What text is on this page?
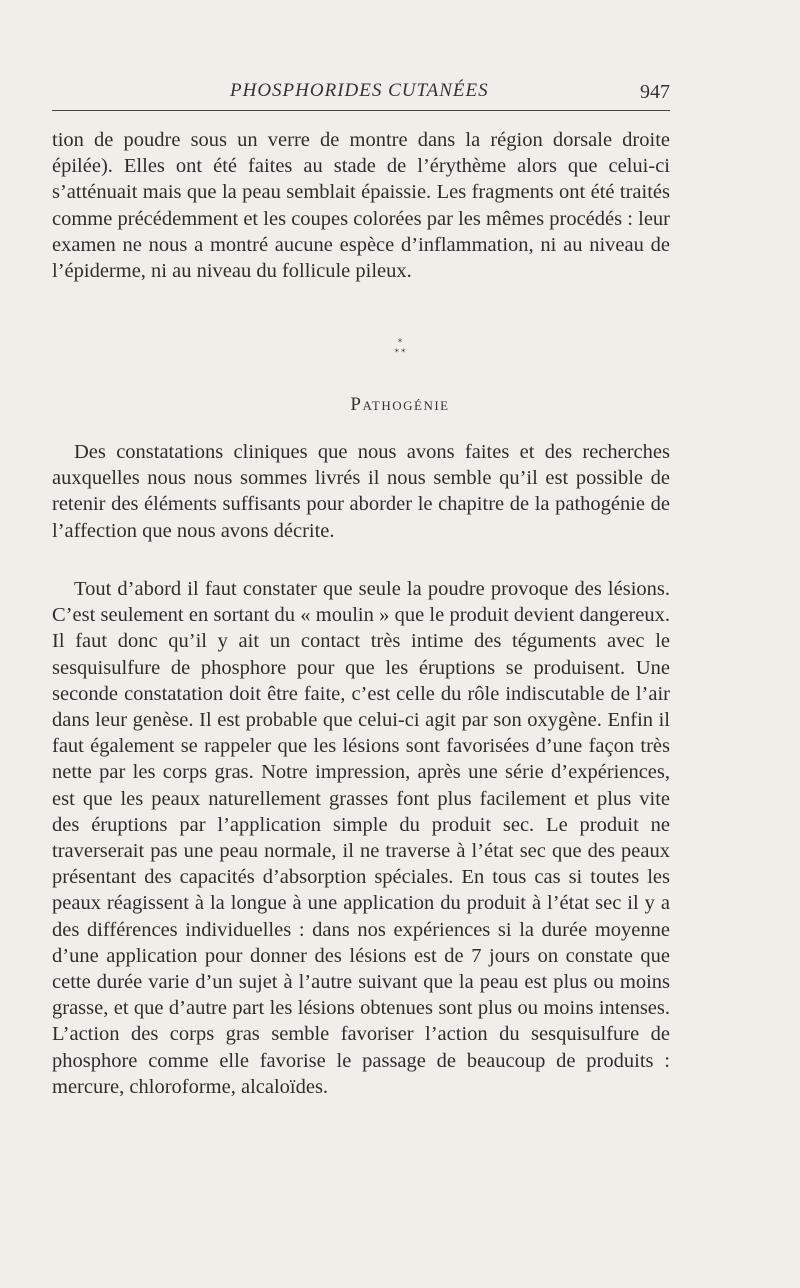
PHOSPHORIDES CUTANÉES	947

tion de poudre sous un verre de montre dans la région dorsale droite épilée). Elles ont été faites au stade de l’érythème alors que celui-ci s’atténuait mais que la peau semblait épaissie. Les fragments ont été traités comme précédemment et les coupes colorées par les mêmes procédés : leur examen ne nous a montré aucune espèce d’inflammation, ni au niveau de l’épiderme, ni au niveau du follicule pileux.

*
* *
Pathogénie

Des constatations cliniques que nous avons faites et des recherches auxquelles nous nous sommes livrés il nous semble qu’il est possible de retenir des éléments suffisants pour aborder le chapitre de la pathogénie de l’affection que nous avons décrite.

Tout d’abord il faut constater que seule la poudre provoque des lésions. C’est seulement en sortant du « moulin » que le produit devient dangereux. Il faut donc qu’il y ait un contact très intime des téguments avec le sesquisulfure de phosphore pour que les éruptions se produisent. Une seconde constatation doit être faite, c’est celle du rôle indiscutable de l’air dans leur genèse. Il est probable que celui-ci agit par son oxygène. Enfin il faut également se rappeler que les lésions sont favorisées d’une façon très nette par les corps gras. Notre impression, après une série d’expériences, est que les peaux naturellement grasses font plus facilement et plus vite des éruptions par l’application simple du produit sec. Le produit ne traverserait pas une peau normale, il ne traverse à l’état sec que des peaux présentant des capacités d’absorption spéciales. En tous cas si toutes les peaux réagissent à la longue à une application du produit à l’état sec il y a des différences individuelles : dans nos expériences si la durée moyenne d’une application pour donner des lésions est de 7 jours on constate que cette durée varie d’un sujet à l’autre suivant que la peau est plus ou moins grasse, et que d’autre part les lésions obtenues sont plus ou moins intenses. L’action des corps gras semble favoriser l’action du sesquisulfure de phosphore comme elle favorise le passage de beaucoup de produits : mercure, chloroforme, alcaloïdes.
